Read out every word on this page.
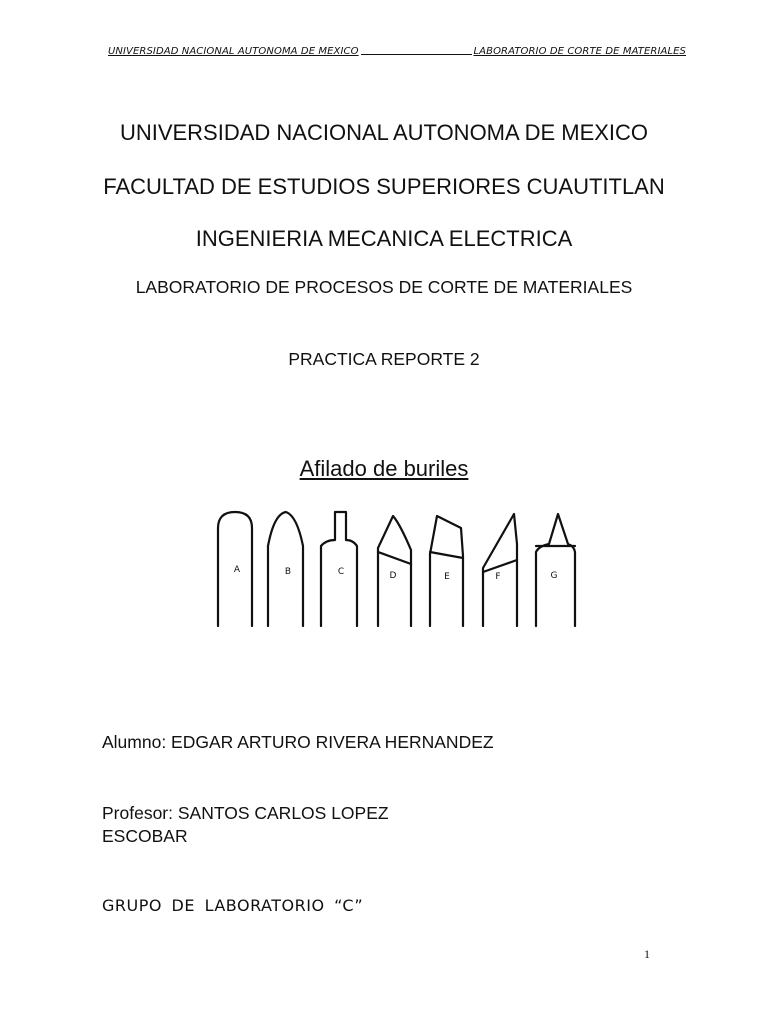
UNIVERSIDAD NACIONAL AUTONOMA DE MEXICO	LABORATORIO DE CORTE DE MATERIALES
UNIVERSIDAD NACIONAL AUTONOMA DE MEXICO
FACULTAD DE ESTUDIOS SUPERIORES CUAUTITLAN
INGENIERIA MECANICA ELECTRICA
LABORATORIO DE PROCESOS DE CORTE DE MATERIALES
PRACTICA REPORTE 2
Afilado de buriles
A	B	C	D	E	F	G
Alumno: EDGAR ARTURO RIVERA HERNANDEZ
Profesor: SANTOS CARLOS LOPEZ
ESCOBAR
GRUPO DE LABORATORIO “C”
1
